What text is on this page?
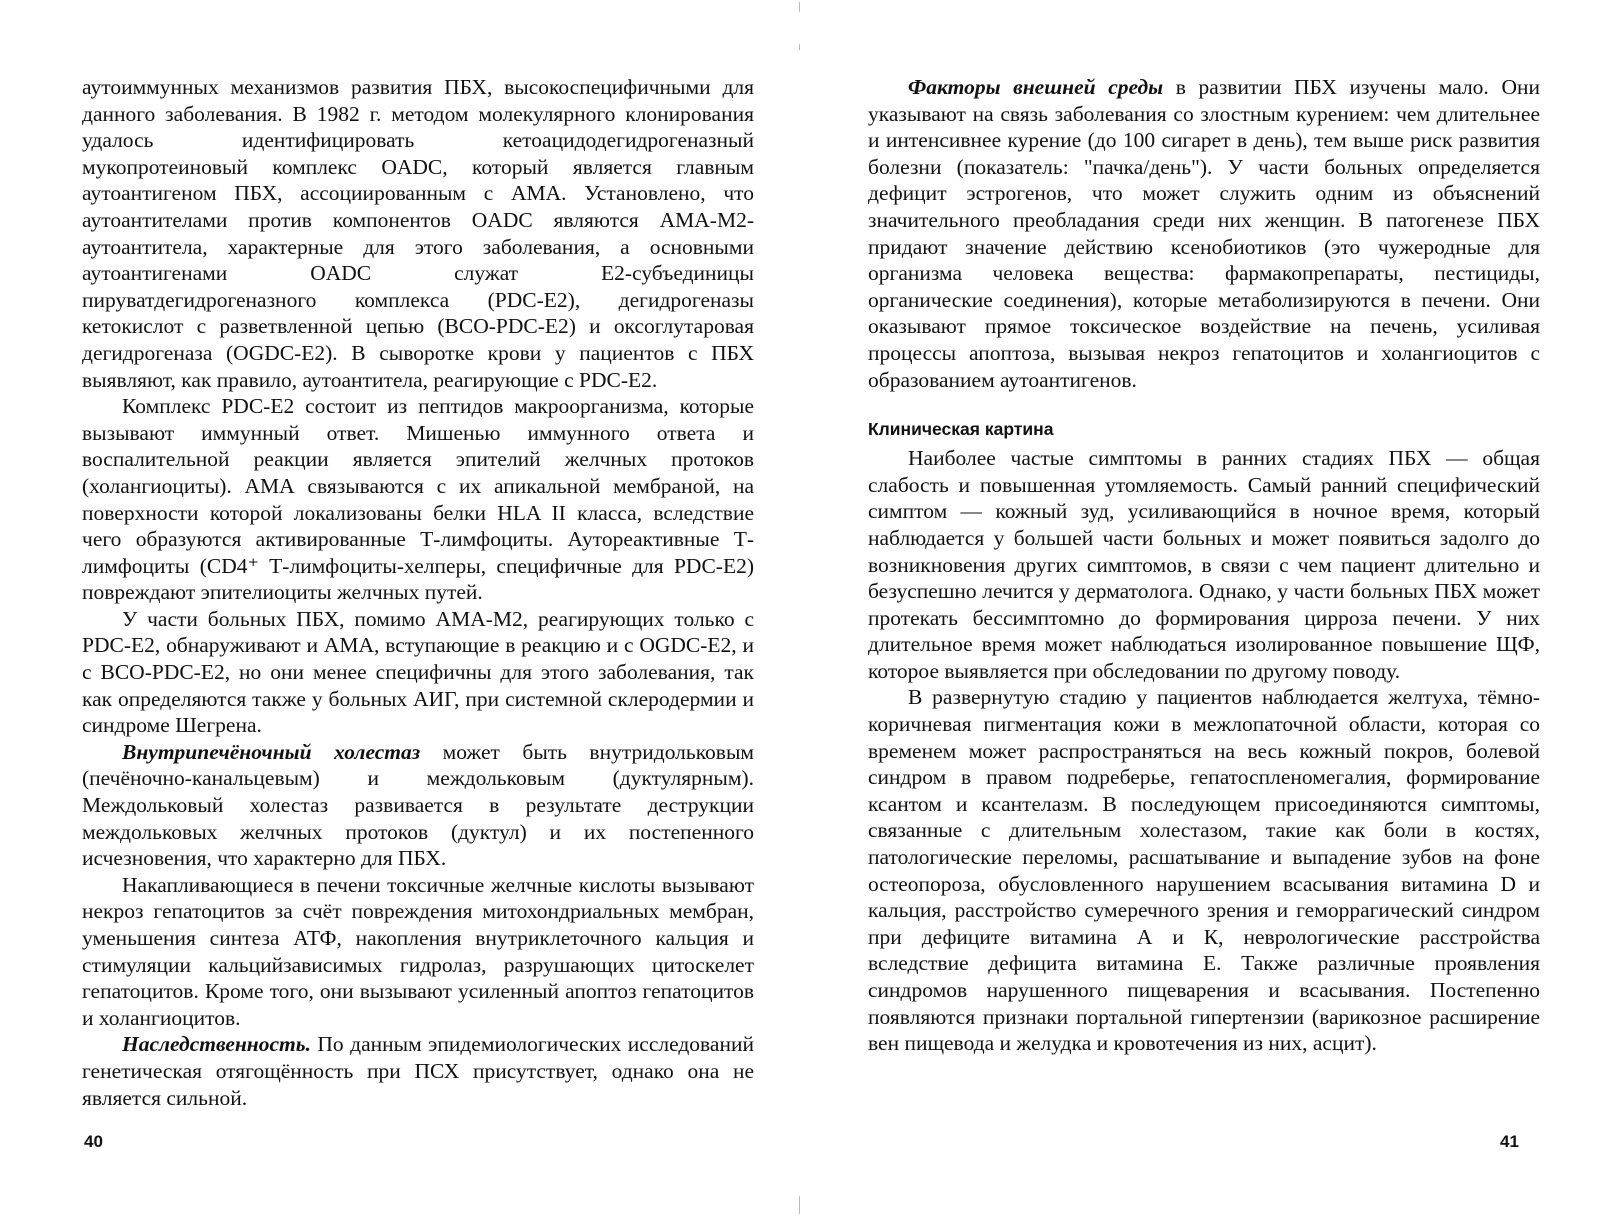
аутоиммунных механизмов развития ПБХ, высокоспецифичными для данного заболевания. В 1982 г. методом молекулярного клонирования удалось идентифицировать кетоацидодегидрогеназный мукопротеиновый комплекс OADC, который является главным аутоантигеном ПБХ, ассоциированным с АМА. Установлено, что аутоантителами против компонентов OADC являются АМА-М2-аутоантитела, характерные для этого заболевания, а основными аутоантигенами OADC служат Е2-субъединицы пируватдегидрогеназного комплекса (PDC-E2), дегидрогеназы кетокислот с разветвленной цепью (BCO-PDC-E2) и оксоглутаровая дегидрогеназа (OGDC-E2). В сыворотке крови у пациентов с ПБХ выявляют, как правило, аутоантитела, реагирующие с PDC-E2.

Комплекс PDC-E2 состоит из пептидов макроорганизма, которые вызывают иммунный ответ. Мишенью иммунного ответа и воспалительной реакции является эпителий желчных протоков (холангиоциты). АМА связываются с их апикальной мембраной, на поверхности которой локализованы белки HLA II класса, вследствие чего образуются активированные Т-лимфоциты. Аутореактивные Т-лимфоциты (CD4⁺ Т-лимфоциты-хелперы, специфичные для PDC-E2) повреждают эпителиоциты желчных путей.

У части больных ПБХ, помимо АМА-М2, реагирующих только с PDC-E2, обнаруживают и АМА, вступающие в реакцию и с OGDC-E2, и с BCO-PDC-E2, но они менее специфичны для этого заболевания, так как определяются также у больных АИГ, при системной склеродермии и синдроме Шегрена.

Внутрипечёночный холестаз может быть внутридольковым (печёночно-канальцевым) и междольковым (дуктулярным). Междольковый холестаз развивается в результате деструкции междольковых желчных протоков (дуктул) и их постепенного исчезновения, что характерно для ПБХ.

Накапливающиеся в печени токсичные желчные кислоты вызывают некроз гепатоцитов за счёт повреждения митохондриальных мембран, уменьшения синтеза АТФ, накопления внутриклеточного кальция и стимуляции кальцийзависимых гидролаз, разрушающих цитоскелет гепатоцитов. Кроме того, они вызывают усиленный апоптоз гепатоцитов и холангиоцитов.

Наследственность. По данным эпидемиологических исследований генетическая отягощённость при ПСХ присутствует, однако она не является сильной.

40

Факторы внешней среды в развитии ПБХ изучены мало. Они указывают на связь заболевания со злостным курением: чем длительнее и интенсивнее курение (до 100 сигарет в день), тем выше риск развития болезни (показатель: "пачка/день"). У части больных определяется дефицит эстрогенов, что может служить одним из объяснений значительного преобладания среди них женщин. В патогенезе ПБХ придают значение действию ксенобиотиков (это чужеродные для организма человека вещества: фармакопрепараты, пестициды, органические соединения), которые метаболизируются в печени. Они оказывают прямое токсическое воздействие на печень, усиливая процессы апоптоза, вызывая некроз гепатоцитов и холангиоцитов с образованием аутоантигенов.

Клиническая картина

Наиболее частые симптомы в ранних стадиях ПБХ — общая слабость и повышенная утомляемость. Самый ранний специфический симптом — кожный зуд, усиливающийся в ночное время, который наблюдается у большей части больных и может появиться задолго до возникновения других симптомов, в связи с чем пациент длительно и безуспешно лечится у дерматолога. Однако, у части больных ПБХ может протекать бессимптомно до формирования цирроза печени. У них длительное время может наблюдаться изолированное повышение ЩФ, которое выявляется при обследовании по другому поводу.

В развернутую стадию у пациентов наблюдается желтуха, тёмно-коричневая пигментация кожи в межлопаточной области, которая со временем может распространяться на весь кожный покров, болевой синдром в правом подреберье, гепатоспленомегалия, формирование ксантом и ксантелазм. В последующем присоединяются симптомы, связанные с длительным холестазом, такие как боли в костях, патологические переломы, расшатывание и выпадение зубов на фоне остеопороза, обусловленного нарушением всасывания витамина D и кальция, расстройство сумеречного зрения и геморрагический синдром при дефиците витамина А и К, неврологические расстройства вследствие дефицита витамина Е. Также различные проявления синдромов нарушенного пищеварения и всасывания. Постепенно появляются признаки портальной гипертензии (варикозное расширение вен пищевода и желудка и кровотечения из них, асцит).

41
